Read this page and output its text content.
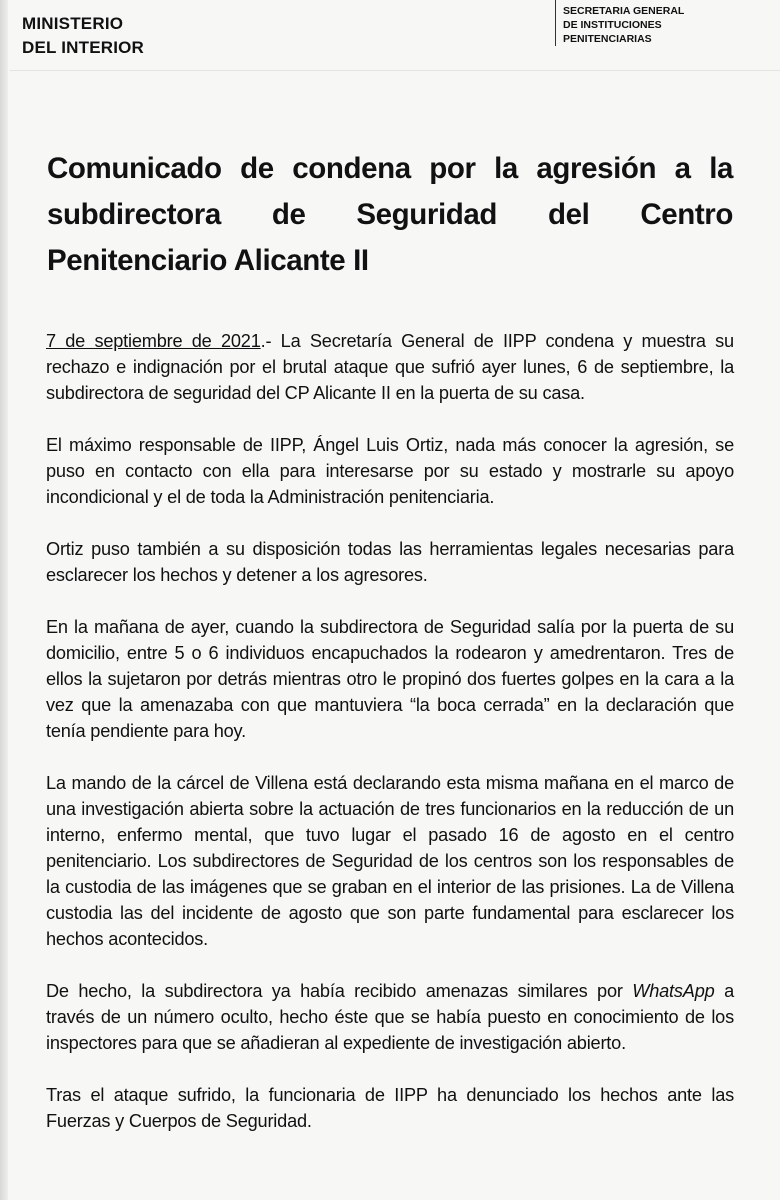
MINISTERIO
DEL INTERIOR
SECRETARIA GENERAL
DE INSTITUCIONES
PENITENCIARIAS
Comunicado de condena por la agresión a la
subdirectora de Seguridad del Centro
Penitenciario Alicante II

7 de septiembre de 2021.- La Secretaría General de IIPP condena y muestra su rechazo e indignación por el brutal ataque que sufrió ayer lunes, 6 de septiembre, la subdirectora de seguridad del CP Alicante II en la puerta de su casa.

El máximo responsable de IIPP, Ángel Luis Ortiz, nada más conocer la agresión, se puso en contacto con ella para interesarse por su estado y mostrarle su apoyo incondicional y el de toda la Administración penitenciaria.

Ortiz puso también a su disposición todas las herramientas legales necesarias para esclarecer los hechos y detener a los agresores.

En la mañana de ayer, cuando la subdirectora de Seguridad salía por la puerta de su domicilio, entre 5 o 6 individuos encapuchados la rodearon y amedrentaron. Tres de ellos la sujetaron por detrás mientras otro le propinó dos fuertes golpes en la cara a la vez que la amenazaba con que mantuviera “la boca cerrada” en la declaración que tenía pendiente para hoy.

La mando de la cárcel de Villena está declarando esta misma mañana en el marco de una investigación abierta sobre la actuación de tres funcionarios en la reducción de un interno, enfermo mental, que tuvo lugar el pasado 16 de agosto en el centro penitenciario. Los subdirectores de Seguridad de los centros son los responsables de la custodia de las imágenes que se graban en el interior de las prisiones. La de Villena custodia las del incidente de agosto que son parte fundamental para esclarecer los hechos acontecidos.

De hecho, la subdirectora ya había recibido amenazas similares por WhatsApp a través de un número oculto, hecho éste que se había puesto en conocimiento de los inspectores para que se añadieran al expediente de investigación abierto.

Tras el ataque sufrido, la funcionaria de IIPP ha denunciado los hechos ante las Fuerzas y Cuerpos de Seguridad.
